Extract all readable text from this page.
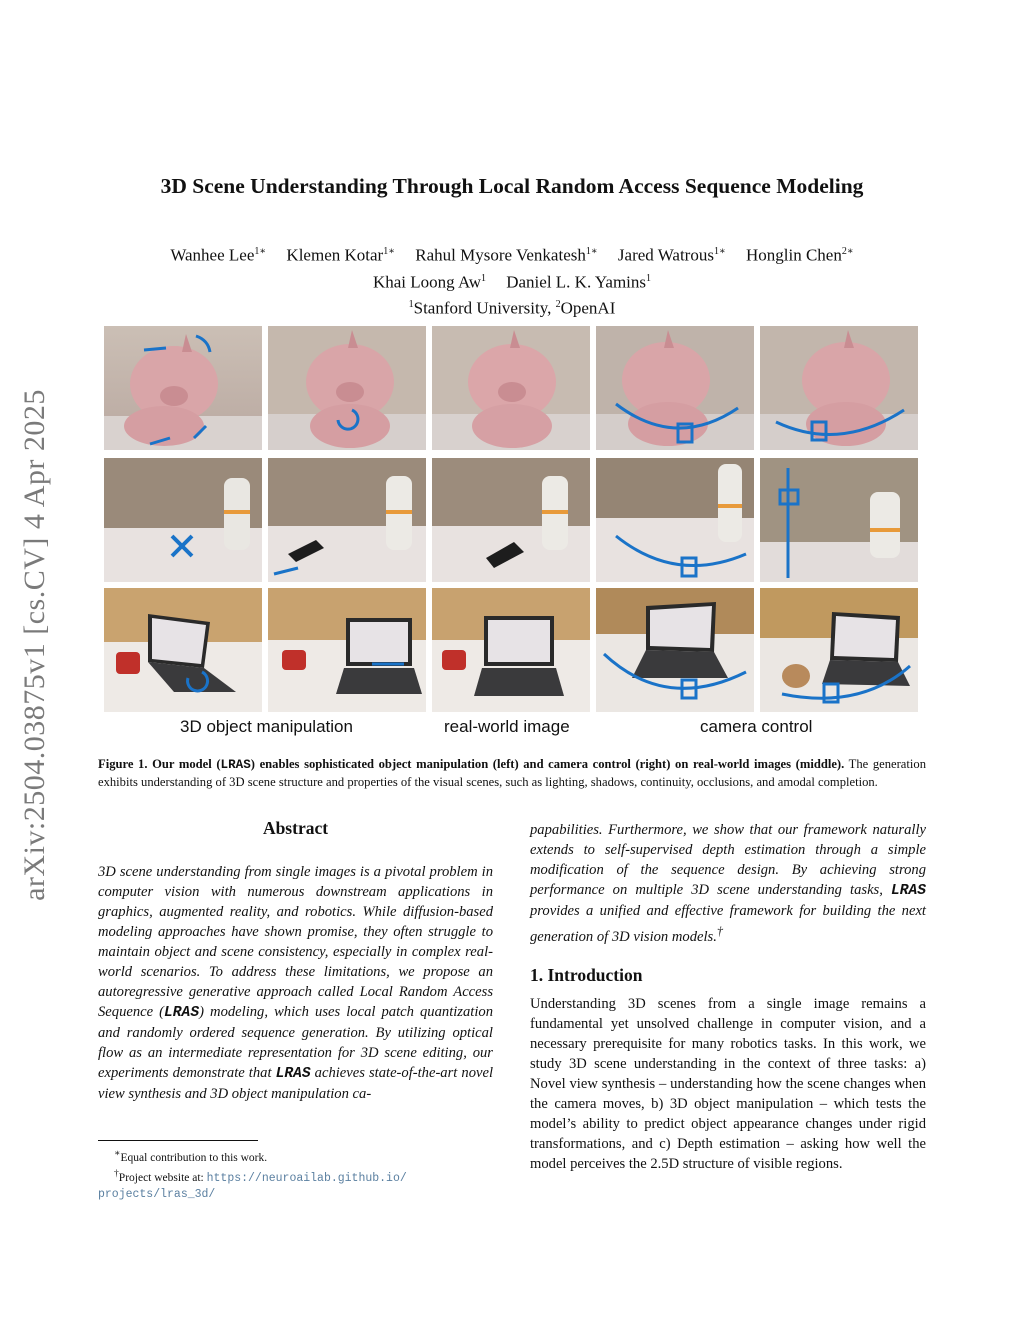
arXiv:2504.03875v1 [cs.CV] 4 Apr 2025
3D Scene Understanding Through Local Random Access Sequence Modeling
Wanhee Lee$^{1∗}$ Klemen Kotar$^{1∗}$ Rahul Mysore Venkatesh$^{1∗}$ Jared Watrous$^{1∗}$ Honglin Chen$^{2∗}$
Khai Loong Aw$^1$ Daniel L. K. Yamins$^1$
$^1$Stanford University, $^2$OpenAI
3D object manipulation	real-world image	camera control
Figure 1. Our model (LRAS) enables sophisticated object manipulation (left) and camera control (right) on real-world images (middle). The generation exhibits understanding of 3D scene structure and properties of the visual scenes, such as lighting, shadows, continuity, occlusions, and amodal completion.
Abstract
3D scene understanding from single images is a pivotal problem in computer vision with numerous downstream applications in graphics, augmented reality, and robotics. While diffusion-based modeling approaches have shown promise, they often struggle to maintain object and scene consistency, especially in complex real-world scenarios. To address these limitations, we propose an autoregressive generative approach called Local Random Access Sequence (LRAS) modeling, which uses local patch quantization and randomly ordered sequence generation. By utilizing optical flow as an intermediate representation for 3D scene editing, our experiments demonstrate that LRAS achieves state-of-the-art novel view synthesis and 3D object manipulation ca-
papabilities. Furthermore, we show that our framework naturally extends to self-supervised depth estimation through a simple modification of the sequence design. By achieving strong performance on multiple 3D scene understanding tasks, LRAS provides a unified and effective framework for building the next generation of 3D vision models.†
1. Introduction
Understanding 3D scenes from a single image remains a fundamental yet unsolved challenge in computer vision, and a necessary prerequisite for many robotics tasks. In this work, we study 3D scene understanding in the context of three tasks: a) Novel view synthesis – understanding how the scene changes when the camera moves, b) 3D object manipulation – which tests the model’s ability to predict object appearance changes under rigid transformations, and c) Depth estimation – asking how well the model perceives the 2.5D structure of visible regions.
∗Equal contribution to this work.
†Project website at: https://neuroailab.github.io/
projects/lras_3d/
